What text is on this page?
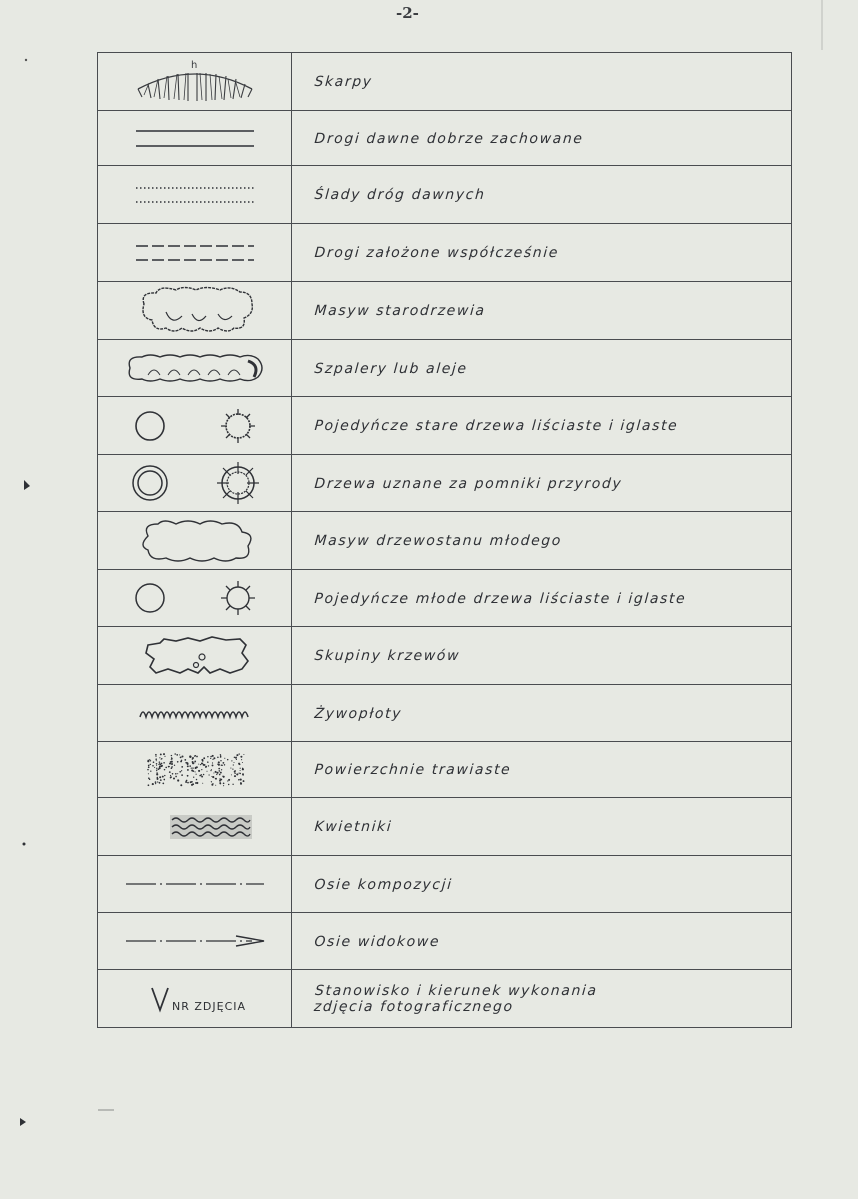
-2-
h	Skarpy

	Drogi dawne dobrze zachowane

	Ślady dróg dawnych

	Drogi założone współcześnie

	Masyw starodrzewia

	Szpalery lub aleje

	Pojedyńcze stare drzewa liściaste i iglaste

	Drzewa uznane za pomniki przyrody

	Masyw drzewostanu młodego

	Pojedyńcze młode drzewa liściaste i iglaste

	Skupiny krzewów

	Żywopłoty

	Powierzchnie trawiaste

	Kwietniki

	Osie kompozycji

	Osie widokowe

NR ZDJĘCIA	Stanowisko i kierunek wykonania
zdjęcia fotograficznego
